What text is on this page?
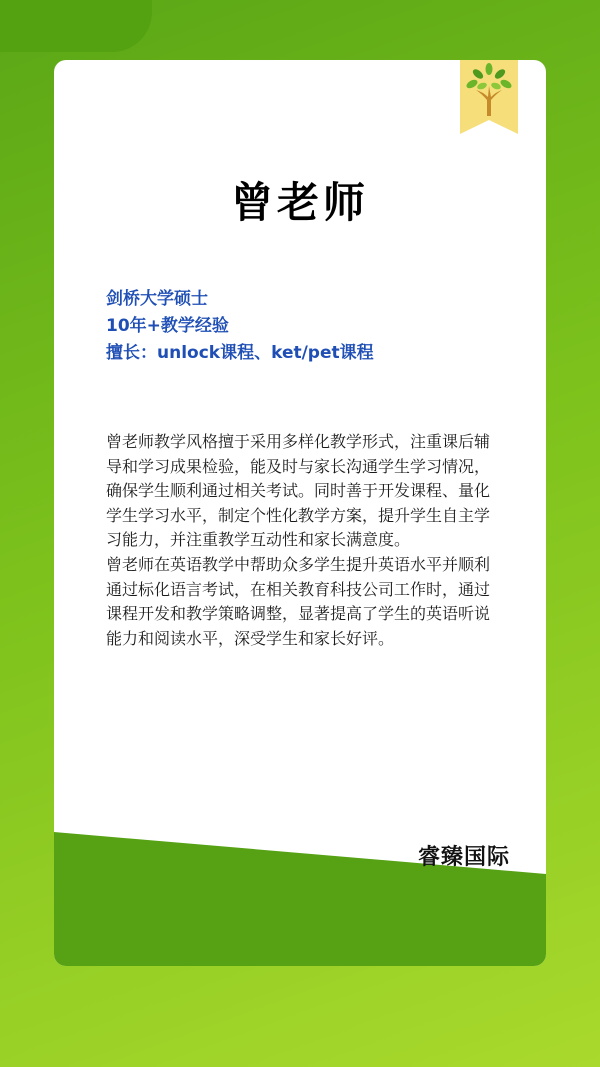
曾老师
剑桥大学硕士
10年+教学经验
擅长：unlock课程、ket/pet课程

曾老师教学风格擅于采用多样化教学形式，注重课后辅导和学习成果检验，能及时与家长沟通学生学习情况，确保学生顺利通过相关考试。同时善于开发课程、量化学生学习水平，制定个性化教学方案，提升学生自主学习能力，并注重教学互动性和家长满意度。

曾老师在英语教学中帮助众多学生提升英语水平并顺利通过标化语言考试，在相关教育科技公司工作时，通过课程开发和教学策略调整，显著提高了学生的英语听说能力和阅读水平，深受学生和家长好评。

睿臻国际
